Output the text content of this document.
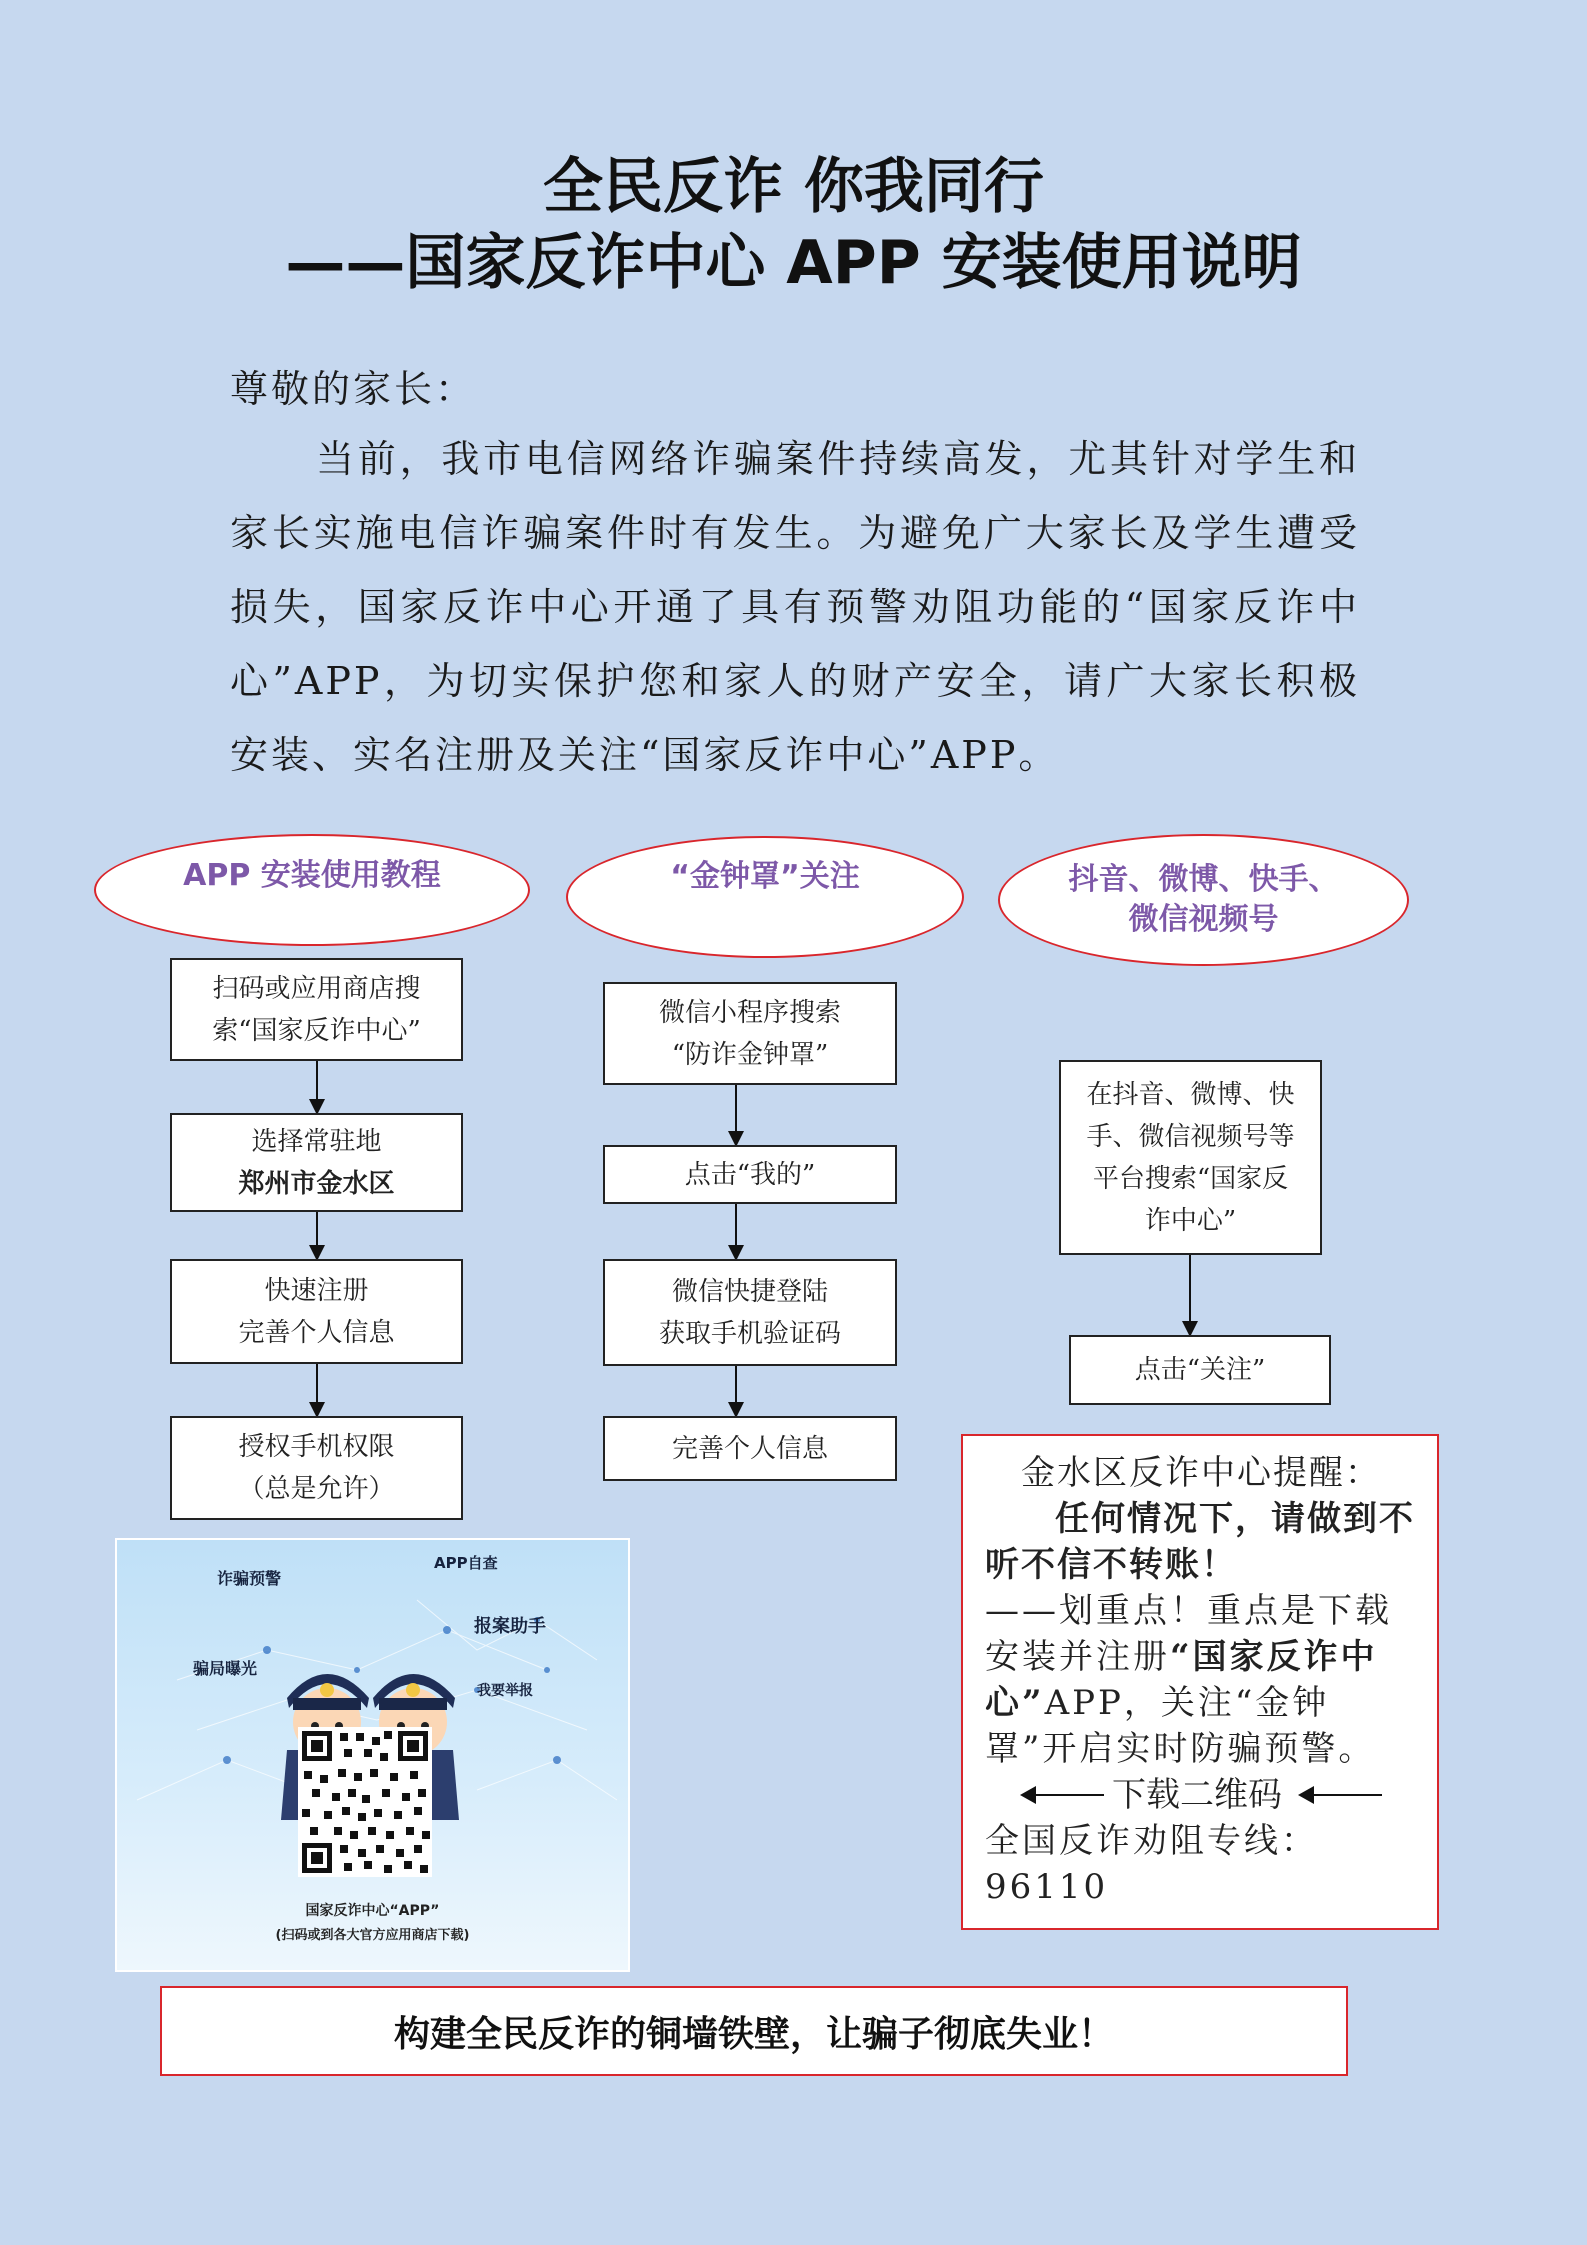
全民反诈 你我同行
——国家反诈中心 APP 安装使用说明
尊敬的家长：
当前，我市电信网络诈骗案件持续高发，尤其针对学生和家长实施电信诈骗案件时有发生。为避免广大家长及学生遭受损失，国家反诈中心开通了具有预警劝阻功能的“国家反诈中心”APP，为切实保护您和家人的财产安全，请广大家长积极安装、实名注册及关注“国家反诈中心”APP。
APP 安装使用教程
扫码或应用商店搜
索“国家反诈中心”
选择常驻地
郑州市金水区
快速注册
完善个人信息
授权手机权限
（总是允许）
“金钟罩”关注
微信小程序搜索
“防诈金钟罩”
点击“我的”
微信快捷登陆
获取手机验证码
完善个人信息
抖音、微博、快手、
微信视频号
在抖音、微博、快
手、微信视频号等
平台搜索“国家反
诈中心”
点击“关注”
金水区反诈中心提醒：
任何情况下，请做到不听不信不转账！
——划重点！重点是下载安装并注册“国家反诈中心”APP，关注“金钟罩”开启实时防骗预警。
下载二维码
全国反诈劝阻专线：96110
诈骗预警
APP自查
报案助手
骗局曝光
我要举报
国家反诈中心“APP”
(扫码或到各大官方应用商店下载)
构建全民反诈的铜墙铁壁，让骗子彻底失业！
